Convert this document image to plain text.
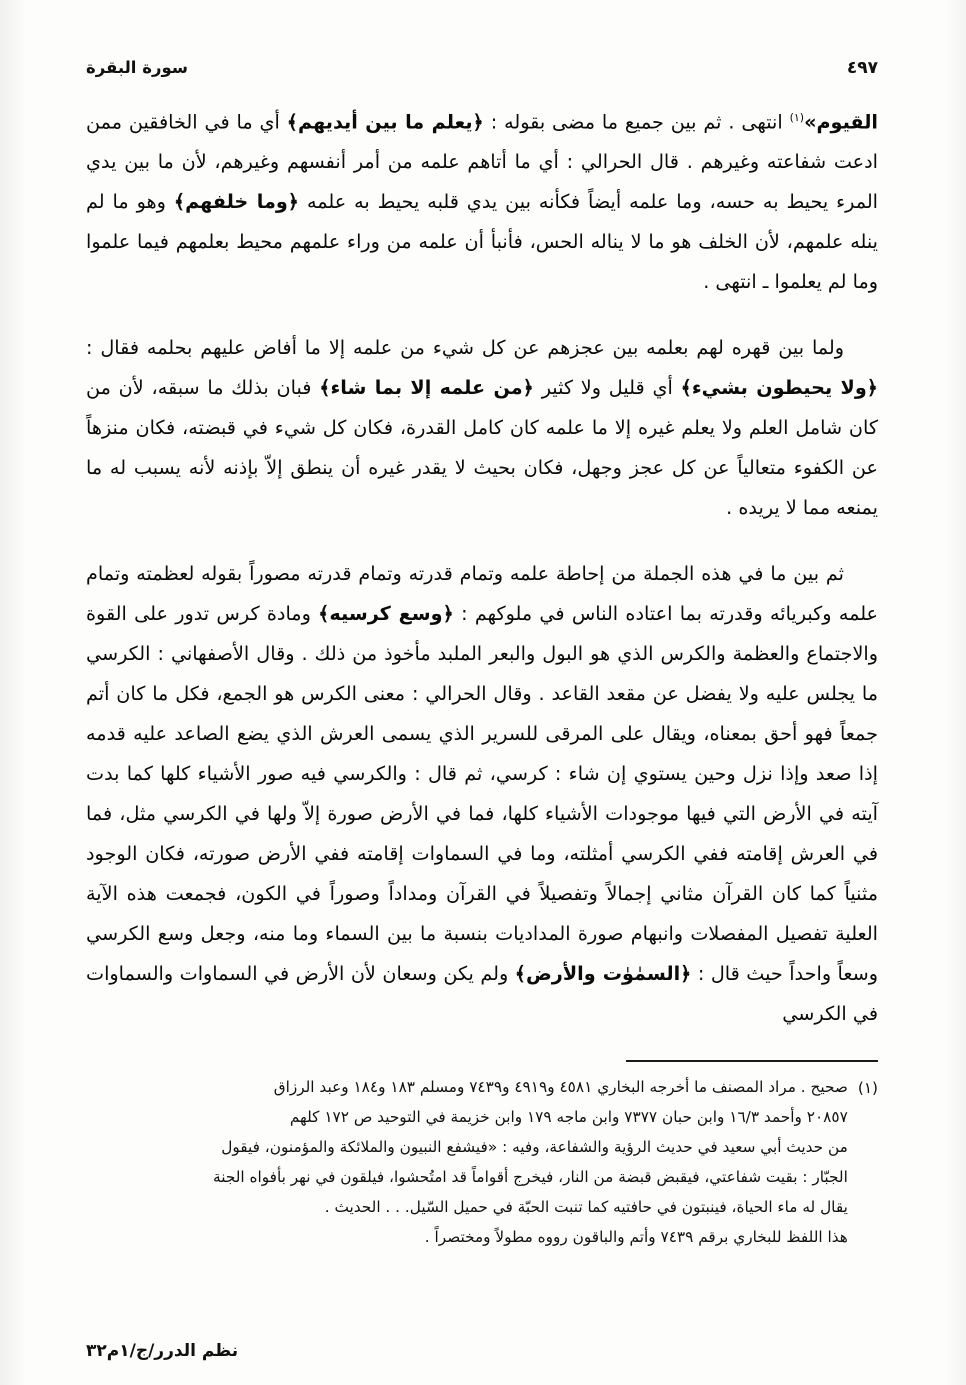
سورة البقرة	٤٩٧

القيوم»$^{(١)}$ انتهى . ثم بين جميع ما مضى بقوله : ﴿يعلم ما بين أيديهم﴾ أي ما في الخافقين ممن ادعت شفاعته وغيرهم . قال الحرالي : أي ما أتاهم علمه من أمر أنفسهم وغيرهم، لأن ما بين يدي المرء يحيط به حسه، وما علمه أيضاً فكأنه بين يدي قلبه يحيط به علمه ﴿وما خلفهم﴾ وهو ما لم ينله علمهم، لأن الخلف هو ما لا يناله الحس، فأنبأ أن علمه من وراء علمهم محيط بعلمهم فيما علموا وما لم يعلموا ـ انتهى .

ولما بين قهره لهم بعلمه بين عجزهم عن كل شيء من علمه إلا ما أفاض عليهم بحلمه فقال : ﴿ولا يحيطون بشيء﴾ أي قليل ولا كثير ﴿من علمه إلا بما شاء﴾ فبان بذلك ما سبقه، لأن من كان شامل العلم ولا يعلم غيره إلا ما علمه كان كامل القدرة، فكان كل شيء في قبضته، فكان منزهاً عن الكفوء متعالياً عن كل عجز وجهل، فكان بحيث لا يقدر غيره أن ينطق إلاّ بإذنه لأنه يسبب له ما يمنعه مما لا يريده .

ثم بين ما في هذه الجملة من إحاطة علمه وتمام قدرته وتمام قدرته مصوراً بقوله لعظمته وتمام علمه وكبريائه وقدرته بما اعتاده الناس في ملوكهم : ﴿وسع كرسيه﴾ ومادة كرس تدور على القوة والاجتماع والعظمة والكرس الذي هو البول والبعر الملبد مأخوذ من ذلك . وقال الأصفهاني : الكرسي ما يجلس عليه ولا يفضل عن مقعد القاعد . وقال الحرالي : معنى الكرس هو الجمع، فكل ما كان أتم جمعاً فهو أحق بمعناه، ويقال على المرقى للسرير الذي يسمى العرش الذي يضع الصاعد عليه قدمه إذا صعد وإذا نزل وحين يستوي إن شاء : كرسي، ثم قال : والكرسي فيه صور الأشياء كلها كما بدت آيته في الأرض التي فيها موجودات الأشياء كلها، فما في الأرض صورة إلاّ ولها في الكرسي مثل، فما في العرش إقامته ففي الكرسي أمثلته، وما في السماوات إقامته ففي الأرض صورته، فكان الوجود مثنياً كما كان القرآن مثاني إجمالاً وتفصيلاً في القرآن ومداداً وصوراً في الكون، فجمعت هذه الآية العلية تفصيل المفصلات وانبهام صورة المداديات بنسبة ما بين السماء وما منه، وجعل وسع الكرسي وسعاً واحداً حيث قال : ﴿السمٰوٰت والأرض﴾ ولم يكن وسعان لأن الأرض في السماوات والسماوات في الكرسي

(١)

صحيح . مراد المصنف ما أخرجه البخاري ٤٥٨١ و٤٩١٩ و٧٤٣٩ ومسلم ١٨٣ و١٨٤ وعبد الرزاق

٢٠٨٥٧ وأحمد ١٦/٣ وابن حبان ٧٣٧٧ وابن ماجه ١٧٩ وابن خزيمة في التوحيد ص ١٧٢ كلهم

من حديث أبي سعيد في حديث الرؤية والشفاعة، وفيه : «فيشفع النبيون والملائكة والمؤمنون، فيقول

الجبّار : بقيت شفاعتي، فيقبض قبضة من النار، فيخرج أقواماً قد امتُحشوا، فيلقون في نهر بأفواه الجنة

يقال له ماء الحياة، فينبتون في حافتيه كما تنبت الحبّة في حميل السّيل. . . الحديث .

هذا اللفظ للبخاري برقم ٧٤٣٩ وأتم والباقون رووه مطولاً ومختصراً .

نظم الدرر/ج/١م٣٢
